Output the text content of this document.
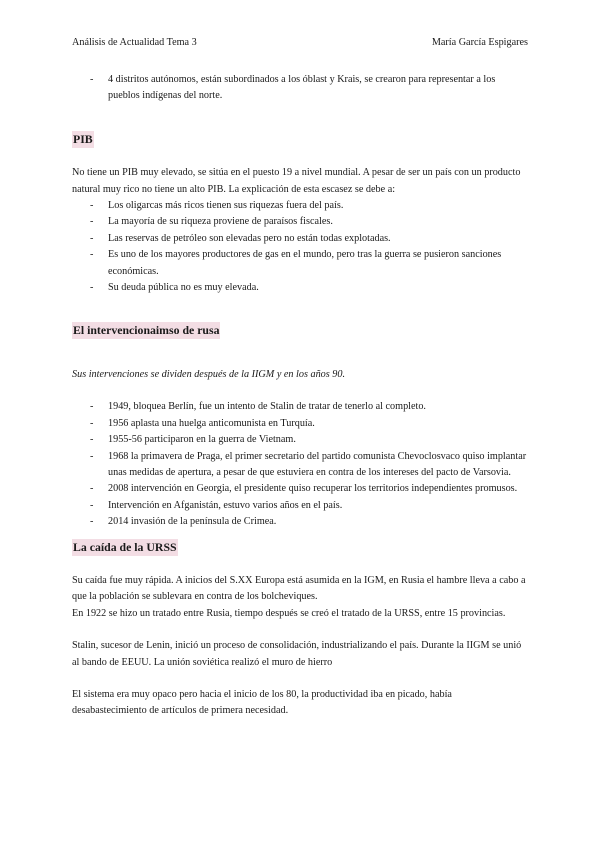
Análisis de Actualidad Tema 3	María García Espigares
- 4 distritos autónomos, están subordinados a los óblast y Krais, se crearon para representar a los pueblos indígenas del norte.
PIB

No tiene un PIB muy elevado, se sitúa en el puesto 19 a nivel mundial. A pesar de ser un país con un producto natural muy rico no tiene un alto PIB. La explicación de esta escasez se debe a:

- Los oligarcas más ricos tienen sus riquezas fuera del país.
- La mayoría de su riqueza proviene de paraísos fiscales.
- Las reservas de petróleo son elevadas pero no están todas explotadas.
- Es uno de los mayores productores de gas en el mundo, pero tras la guerra se pusieron sanciones económicas.
- Su deuda pública no es muy elevada.
El intervencionaimso de rusa

Sus intervenciones se dividen después de la IIGM y en los años 90.

- 1949, bloquea Berlín, fue un intento de Stalin de tratar de tenerlo al completo.
- 1956 aplasta una huelga anticomunista en Turquía.
- 1955-56 participaron en la guerra de Vietnam.
- 1968 la primavera de Praga, el primer secretario del partido comunista Chevoclosvaco quiso implantar unas medidas de apertura, a pesar de que estuviera en contra de los intereses del pacto de Varsovia.
- 2008 intervención en Georgia, el presidente quiso recuperar los territorios independientes promusos.
- Intervención en Afganistán, estuvo varios años en el país.
- 2014 invasión de la península de Crimea.
La caída de la URSS

Su caída fue muy rápida. A inicios del S.XX Europa está asumida en la IGM, en Rusia el hambre lleva a cabo a que la población se sublevara en contra de los bolcheviques.

En 1922 se hizo un tratado entre Rusia, tiempo después se creó el tratado de la URSS, entre 15 provincias.

Stalin, sucesor de Lenin, inició un proceso de consolidación, industrializando el país. Durante la IIGM se unió al bando de EEUU. La unión soviética realizó el muro de hierro

El sistema era muy opaco pero hacia el inicio de los 80, la productividad iba en picado, había desabastecimiento de artículos de primera necesidad.
